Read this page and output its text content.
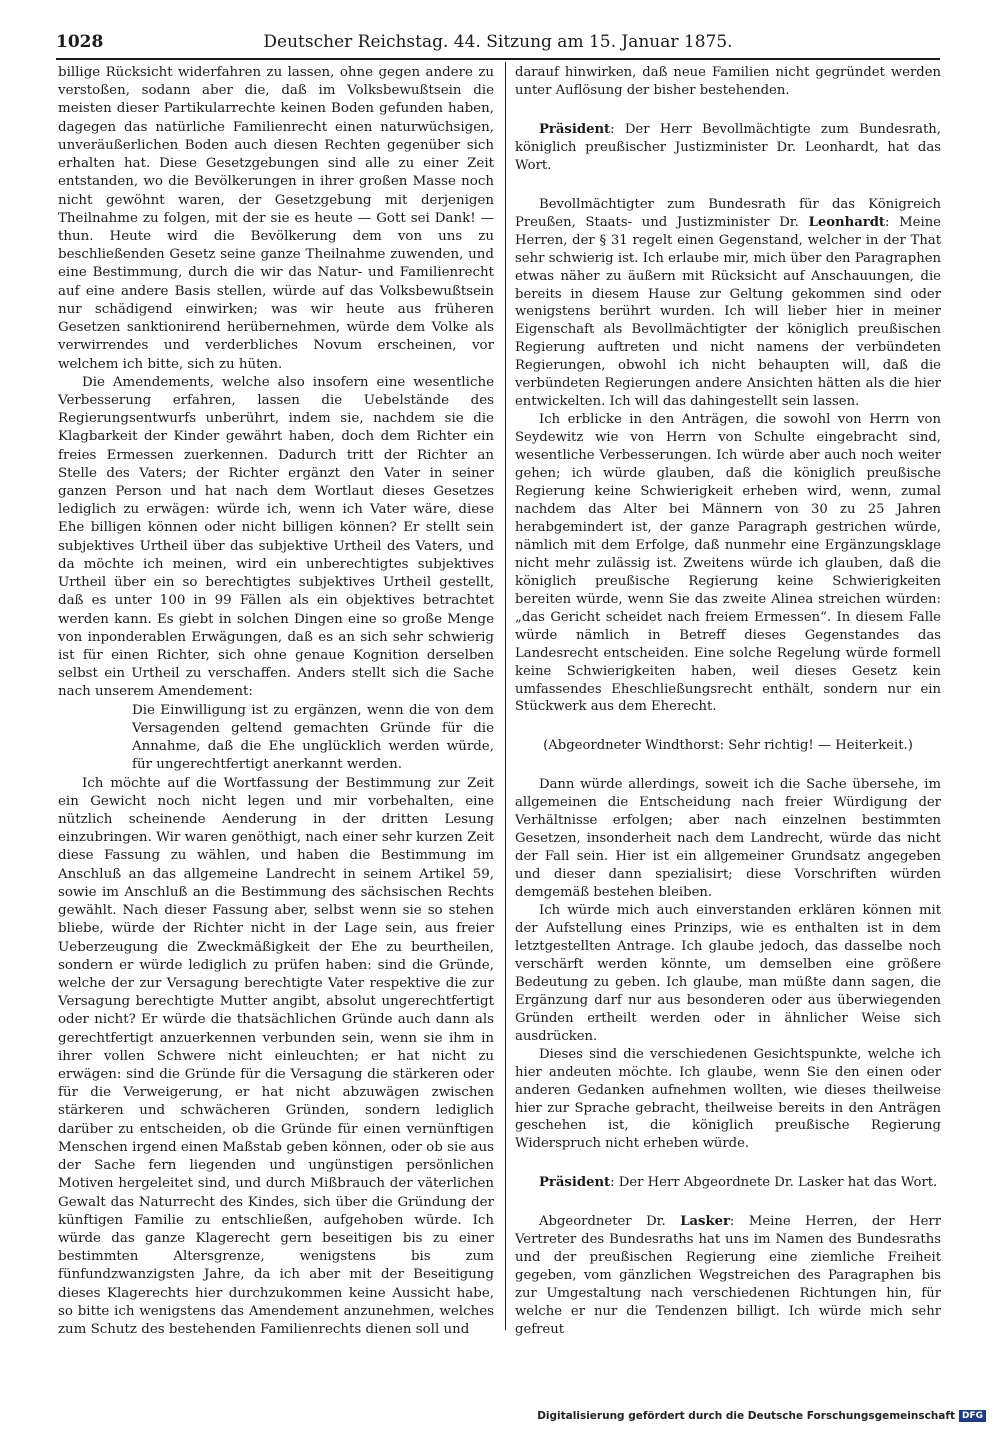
1028	Deutscher Reichstag. 44. Sitzung am 15. Januar 1875.

billige Rücksicht widerfahren zu lassen, ohne gegen andere zu verstoßen, sodann aber die, daß im Volksbewußtsein die meisten dieser Partikularrechte keinen Boden gefunden haben, dagegen das natürliche Familienrecht einen naturwüchsigen, unveräußerlichen Boden auch diesen Rechten gegenüber sich erhalten hat. Diese Gesetzgebungen sind alle zu einer Zeit entstanden, wo die Bevölkerungen in ihrer großen Masse noch nicht gewöhnt waren, der Gesetzgebung mit derjenigen Theilnahme zu folgen, mit der sie es heute — Gott sei Dank! — thun. Heute wird die Bevölkerung dem von uns zu beschließenden Gesetz seine ganze Theilnahme zuwenden, und eine Bestimmung, durch die wir das Natur- und Familienrecht auf eine andere Basis stellen, würde auf das Volksbewußtsein nur schädigend einwirken; was wir heute aus früheren Gesetzen sanktionirend herübernehmen, würde dem Volke als verwirrendes und verderbliches Novum erscheinen, vor welchem ich bitte, sich zu hüten.

Die Amendements, welche also insofern eine wesentliche Verbesserung erfahren, lassen die Uebelstände des Regierungsentwurfs unberührt, indem sie, nachdem sie die Klagbarkeit der Kinder gewährt haben, doch dem Richter ein freies Ermessen zuerkennen. Dadurch tritt der Richter an Stelle des Vaters; der Richter ergänzt den Vater in seiner ganzen Person und hat nach dem Wortlaut dieses Gesetzes lediglich zu erwägen: würde ich, wenn ich Vater wäre, diese Ehe billigen können oder nicht billigen können? Er stellt sein subjektives Urtheil über das subjektive Urtheil des Vaters, und da möchte ich meinen, wird ein unberechtigtes subjektives Urtheil über ein so berechtigtes subjektives Urtheil gestellt, daß es unter 100 in 99 Fällen als ein objektives betrachtet werden kann. Es giebt in solchen Dingen eine so große Menge von inponderablen Erwägungen, daß es an sich sehr schwierig ist für einen Richter, sich ohne genaue Kognition derselben selbst ein Urtheil zu verschaffen. Anders stellt sich die Sache nach unserem Amendement:

Die Einwilligung ist zu ergänzen, wenn die von dem Versagenden geltend gemachten Gründe für die Annahme, daß die Ehe unglücklich werden würde, für ungerechtfertigt anerkannt werden.

Ich möchte auf die Wortfassung der Bestimmung zur Zeit ein Gewicht noch nicht legen und mir vorbehalten, eine nützlich scheinende Aenderung in der dritten Lesung einzubringen. Wir waren genöthigt, nach einer sehr kurzen Zeit diese Fassung zu wählen, und haben die Bestimmung im Anschluß an das allgemeine Landrecht in seinem Artikel 59, sowie im Anschluß an die Bestimmung des sächsischen Rechts gewählt. Nach dieser Fassung aber, selbst wenn sie so stehen bliebe, würde der Richter nicht in der Lage sein, aus freier Ueberzeugung die Zweckmäßigkeit der Ehe zu beurtheilen, sondern er würde lediglich zu prüfen haben: sind die Gründe, welche der zur Versagung berechtigte Vater respektive die zur Versagung berechtigte Mutter angibt, absolut ungerechtfertigt oder nicht? Er würde die thatsächlichen Gründe auch dann als gerechtfertigt anzuerkennen verbunden sein, wenn sie ihm in ihrer vollen Schwere nicht einleuchten; er hat nicht zu erwägen: sind die Gründe für die Versagung die stärkeren oder für die Verweigerung, er hat nicht abzuwägen zwischen stärkeren und schwächeren Gründen, sondern lediglich darüber zu entscheiden, ob die Gründe für einen vernünftigen Menschen irgend einen Maßstab geben können, oder ob sie aus der Sache fern liegenden und ungünstigen persönlichen Motiven hergeleitet sind, und durch Mißbrauch der väterlichen Gewalt das Naturrecht des Kindes, sich über die Gründung der künftigen Familie zu entschließen, aufgehoben würde. Ich würde das ganze Klagerecht gern beseitigen bis zu einer bestimmten Altersgrenze, wenigstens bis zum fünfundzwanzigsten Jahre, da ich aber mit der Beseitigung dieses Klagerechts hier durchzukommen keine Aussicht habe, so bitte ich wenigstens das Amendement anzunehmen, welches zum Schutz des bestehenden Familienrechts dienen soll und

darauf hinwirken, daß neue Familien nicht gegründet werden unter Auflösung der bisher bestehenden.

Präsident: Der Herr Bevollmächtigte zum Bundesrath, königlich preußischer Justizminister Dr. Leonhardt, hat das Wort.

Bevollmächtigter zum Bundesrath für das Königreich Preußen, Staats- und Justizminister Dr. Leonhardt: Meine Herren, der § 31 regelt einen Gegenstand, welcher in der That sehr schwierig ist. Ich erlaube mir, mich über den Paragraphen etwas näher zu äußern mit Rücksicht auf Anschauungen, die bereits in diesem Hause zur Geltung gekommen sind oder wenigstens berührt wurden. Ich will lieber hier in meiner Eigenschaft als Bevollmächtigter der königlich preußischen Regierung auftreten und nicht namens der verbündeten Regierungen, obwohl ich nicht behaupten will, daß die verbündeten Regierungen andere Ansichten hätten als die hier entwickelten. Ich will das dahingestellt sein lassen.

Ich erblicke in den Anträgen, die sowohl von Herrn von Seydewitz wie von Herrn von Schulte eingebracht sind, wesentliche Verbesserungen. Ich würde aber auch noch weiter gehen; ich würde glauben, daß die königlich preußische Regierung keine Schwierigkeit erheben wird, wenn, zumal nachdem das Alter bei Männern von 30 zu 25 Jahren herabgemindert ist, der ganze Paragraph gestrichen würde, nämlich mit dem Erfolge, daß nunmehr eine Ergänzungsklage nicht mehr zulässig ist. Zweitens würde ich glauben, daß die königlich preußische Regierung keine Schwierigkeiten bereiten würde, wenn Sie das zweite Alinea streichen würden: „das Gericht scheidet nach freiem Ermessen“. In diesem Falle würde nämlich in Betreff dieses Gegenstandes das Landesrecht entscheiden. Eine solche Regelung würde formell keine Schwierigkeiten haben, weil dieses Gesetz kein umfassendes Eheschließungsrecht enthält, sondern nur ein Stückwerk aus dem Eherecht.

(Abgeordneter Windthorst: Sehr richtig! — Heiterkeit.)

Dann würde allerdings, soweit ich die Sache übersehe, im allgemeinen die Entscheidung nach freier Würdigung der Verhältnisse erfolgen; aber nach einzelnen bestimmten Gesetzen, insonderheit nach dem Landrecht, würde das nicht der Fall sein. Hier ist ein allgemeiner Grundsatz angegeben und dieser dann spezialisirt; diese Vorschriften würden demgemäß bestehen bleiben.

Ich würde mich auch einverstanden erklären können mit der Aufstellung eines Prinzips, wie es enthalten ist in dem letztgestellten Antrage. Ich glaube jedoch, das dasselbe noch verschärft werden könnte, um demselben eine größere Bedeutung zu geben. Ich glaube, man müßte dann sagen, die Ergänzung darf nur aus besonderen oder aus überwiegenden Gründen ertheilt werden oder in ähnlicher Weise sich ausdrücken.

Dieses sind die verschiedenen Gesichtspunkte, welche ich hier andeuten möchte. Ich glaube, wenn Sie den einen oder anderen Gedanken aufnehmen wollten, wie dieses theilweise hier zur Sprache gebracht, theilweise bereits in den Anträgen geschehen ist, die königlich preußische Regierung Widerspruch nicht erheben würde.

Präsident: Der Herr Abgeordnete Dr. Lasker hat das Wort.

Abgeordneter Dr. Lasker: Meine Herren, der Herr Vertreter des Bundesraths hat uns im Namen des Bundesraths und der preußischen Regierung eine ziemliche Freiheit gegeben, vom gänzlichen Wegstreichen des Paragraphen bis zur Umgestaltung nach verschiedenen Richtungen hin, für welche er nur die Tendenzen billigt. Ich würde mich sehr gefreut

Digitalisierung gefördert durch die Deutsche Forschungsgemeinschaft DFG
